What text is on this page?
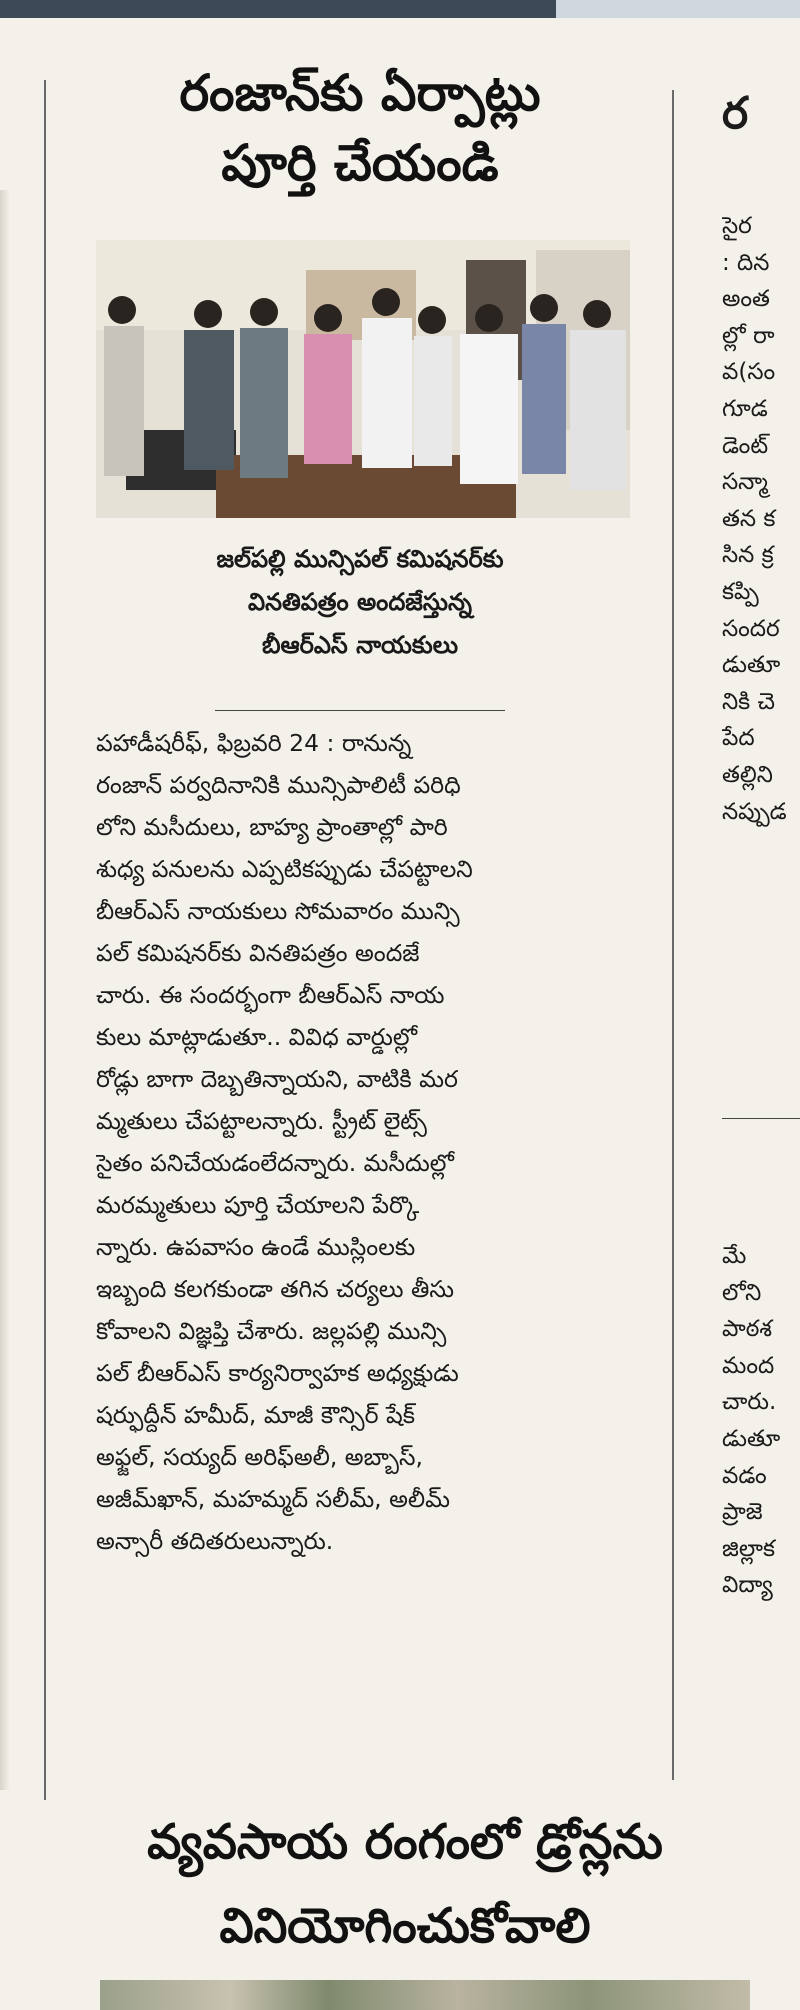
రంజాన్‌కు ఏర్పాట్లు
పూర్తి చేయండి
జల్‌పల్లి మున్సిపల్ కమిషనర్‌కు
వినతిపత్రం అందజేస్తున్న
బీఆర్‌ఎస్ నాయకులు
పహాడీషరీఫ్, ఫిబ్రవరి 24 : రానున్న
రంజాన్ పర్వదినానికి మున్సిపాలిటీ పరిధి
లోని మసీదులు, బాహ్య ప్రాంతాల్లో పారి
శుధ్య పనులను ఎప్పటికప్పుడు చేపట్టాలని
బీఆర్‌ఎస్ నాయకులు సోమవారం మున్సి
పల్ కమిషనర్‌కు వినతిపత్రం అందజే
చారు. ఈ సందర్భంగా బీఆర్‌ఎస్ నాయ
కులు మాట్లాడుతూ.. వివిధ వార్డుల్లో
రోడ్లు బాగా దెబ్బతిన్నాయని, వాటికి మర
మ్మతులు చేపట్టాలన్నారు. స్ట్రీట్ లైట్స్
సైతం పనిచేయడంలేదన్నారు. మసీదుల్లో
మరమ్మతులు పూర్తి చేయాలని పేర్కొ
న్నారు. ఉపవాసం ఉండే ముస్లింలకు
ఇబ్బంది కలగకుండా తగిన చర్యలు తీసు
కోవాలని విజ్ఞప్తి చేశారు. జల్లపల్లి మున్సి
పల్ బీఆర్‌ఎస్ కార్యనిర్వాహక అధ్యక్షుడు
షర్ఫుద్దీన్ హమీద్, మాజీ కౌన్సిర్ షేక్
అఫ్జల్, సయ్యద్ అరిఫ్‌అలీ, అబ్బాస్,
అజీమ్‌ఖాన్, మహమ్మద్ సలీమ్, అలీమ్
అన్సారీ తదితరులున్నారు.
ర
సైర
: దిన
అంత
ల్లో రా
వ(సం
గూడ
డెంట్
సన్మా
తన క
సిన క్ర
కప్పి
సందర
డుతూ
నికి చె
పేద
తల్లిని
నప్పుడ
మే
లోని
పాఠశ
మంద
చారు.
డుతూ
వడం
ప్రాజె
జిల్లాక
విద్యా
వ్యవసాయ రంగంలో డ్రోన్లను
వినియోగించుకోవాలి
